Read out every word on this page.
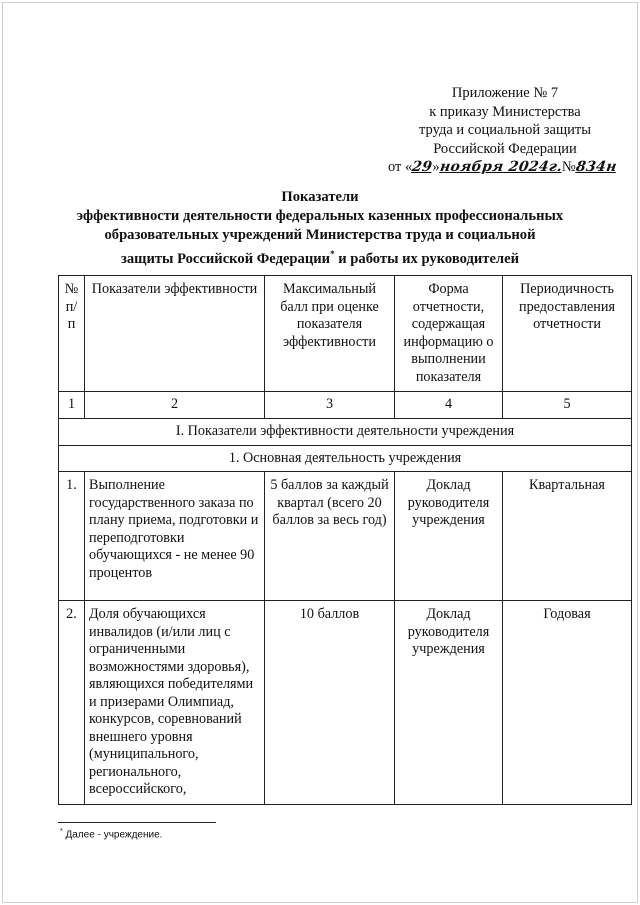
Приложение № 7
к приказу Министерства
труда и социальной защиты
Российской Федерации
от «29»ноября 2024г.№834н
Показатели
эффективности деятельности федеральных казенных профессиональных
образовательных учреждений Министерства труда и социальной
защиты Российской Федерации* и работы их руководителей
№ п/п	Показатели эффективности	Максимальный балл при оценке показателя эффективности	Форма отчетности, содержащая информацию о выполнении показателя	Периодичность предоставления отчетности
1	2	3	4	5
I. Показатели эффективности деятельности учреждения				
1. Основная деятельность учреждения				
1.	Выполнение государственного заказа по плану приема, подготовки и переподготовки обучающихся - не менее 90 процентов	5 баллов за каждый квартал (всего 20 баллов за весь год)	Доклад руководителя учреждения	Квартальная
2.	Доля обучающихся инвалидов (и/или лиц с ограниченными возможностями здоровья), являющихся победителями и призерами Олимпиад, конкурсов, соревнований внешнего уровня (муниципального, регионального, всероссийского,	10 баллов	Доклад руководителя учреждения	Годовая
* Далее - учреждение.
